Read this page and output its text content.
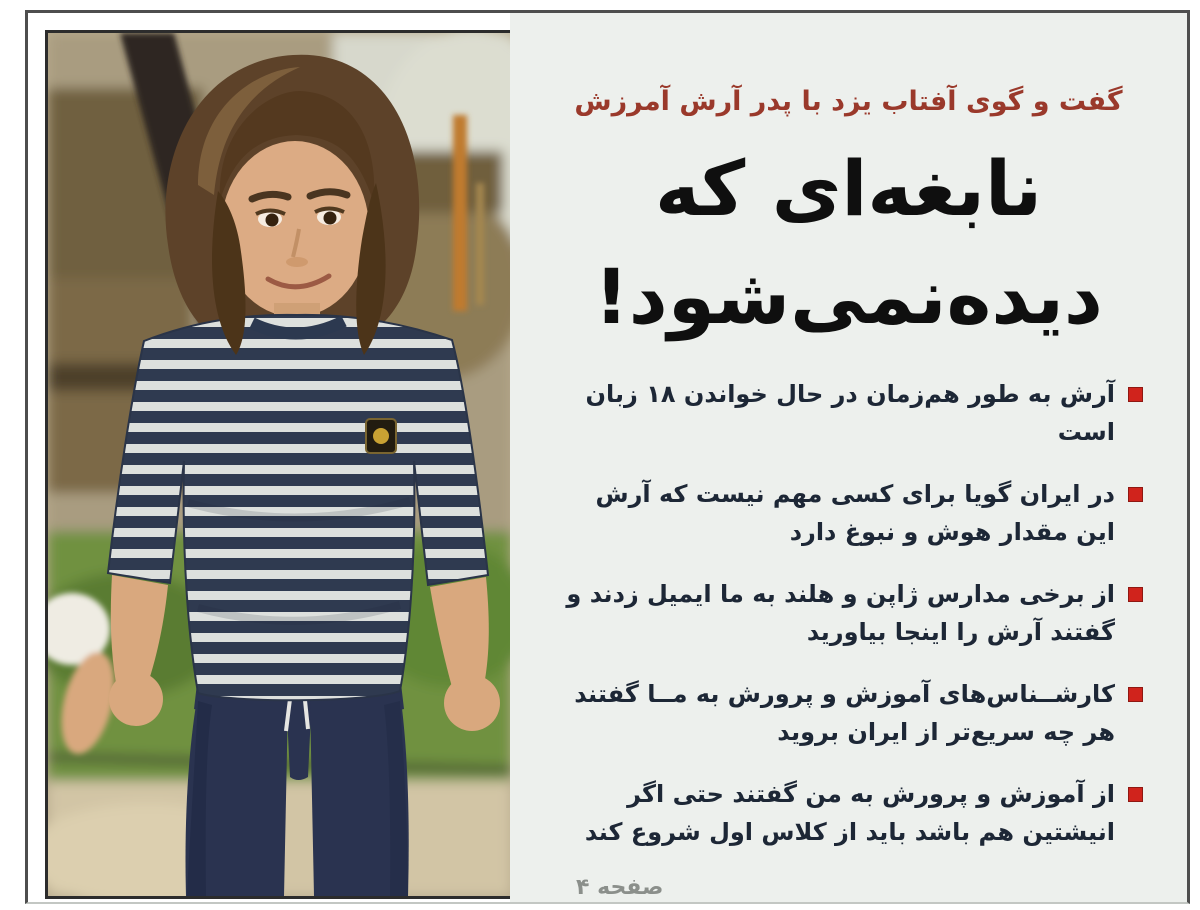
گفت و گوی آفتاب یزد با پدر آرش آمرزش
نابغه‌ای که
دیده‌نمی‌شود!
آرش به طور هم‌زمان در حال خواندن ۱۸ زبان است
در ایران گویا برای کسی مهم نیست که آرش این مقدار هوش و نبوغ دارد
از برخی مدارس ژاپن و هلند به ما ایمیل زدند و گفتند آرش را اینجا بیاورید
کارشــناس‌های آموزش و پرورش به مــا گفتند هر چه سریع‌تر از ایران بروید
از آموزش و پرورش به من گفتند حتی اگر انیشتین هم باشد باید از کلاس اول شروع کند
صفحه ۴
